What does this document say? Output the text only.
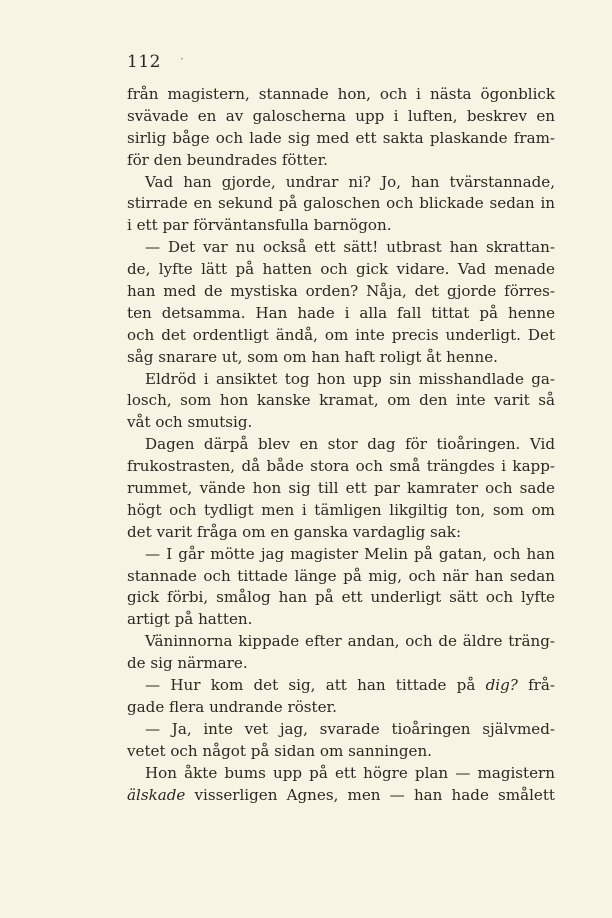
112 ·
från magistern, stannade hon, och i nästa ögonblick
svävade en av galoscherna upp i luften, beskrev en
sirlig båge och lade sig med ett sakta plaskande fram-
för den beundrades fötter.
Vad han gjorde, undrar ni? Jo, han tvärstannade,
stirrade en sekund på galoschen och blickade sedan in
i ett par förväntansfulla barnögon.
— Det var nu också ett sätt! utbrast han skrattan-
de, lyfte lätt på hatten och gick vidare. Vad menade
han med de mystiska orden? Nåja, det gjorde förres-
ten detsamma. Han hade i alla fall tittat på henne
och det ordentligt ändå, om inte precis underligt. Det
såg snarare ut, som om han haft roligt åt henne.
Eldröd i ansiktet tog hon upp sin misshandlade ga-
losch, som hon kanske kramat, om den inte varit så
våt och smutsig.
Dagen därpå blev en stor dag för tioåringen. Vid
frukostrasten, då både stora och små trängdes i kapp-
rummet, vände hon sig till ett par kamrater och sade
högt och tydligt men i tämligen likgiltig ton, som om
det varit fråga om en ganska vardaglig sak:
— I går mötte jag magister Melin på gatan, och han
stannade och tittade länge på mig, och när han sedan
gick förbi, smålog han på ett underligt sätt och lyfte
artigt på hatten.
Väninnorna kippade efter andan, och de äldre träng-
de sig närmare.
— Hur kom det sig, att han tittade på dig? frå-
gade flera undrande röster.
— Ja, inte vet jag, svarade tioåringen självmed-
vetet och något på sidan om sanningen.
Hon åkte bums upp på ett högre plan — magistern
älskade visserligen Agnes, men — han hade smålett
